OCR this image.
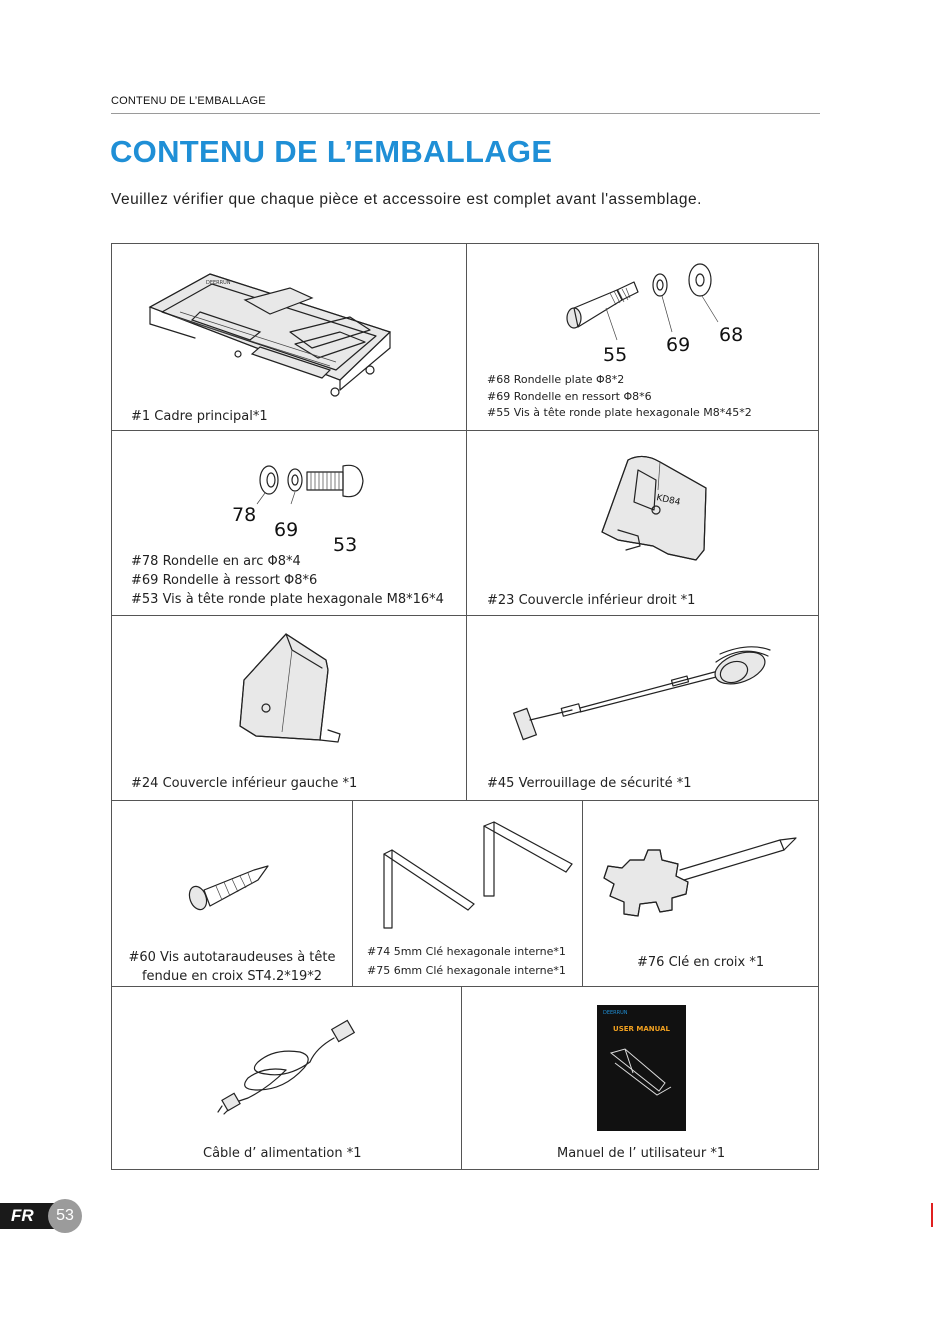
CONTENU DE L’EMBALLAGE
CONTENU DE L’EMBALLAGE
Veuillez vérifier que chaque pièce et accessoire est complet avant l'assemblage.
DEERRUN
#1 Cadre principal*1
55 69 68
#68 Rondelle plate Φ8*2
#69 Rondelle en ressort Φ8*6
#55 Vis à tête ronde plate hexagonale M8*45*2
78
69
53
#78 Rondelle en arc Φ8*4
#69 Rondelle à ressort Φ8*6
#53 Vis à tête ronde plate hexagonale M8*16*4
KD84
#23 Couvercle inférieur droit *1
#24 Couvercle inférieur gauche *1	#45 Verrouillage de sécurité *1
#60 Vis autotaraudeuses à tête
fendue en croix ST4.2*19*2
#74 5mm Clé hexagonale interne*1
#75 6mm Clé hexagonale interne*1
#76 Clé en croix *1
Câble d’ alimentation *1
DEERRUN
USER MANUAL
Manuel de l’ utilisateur *1
FR	53
